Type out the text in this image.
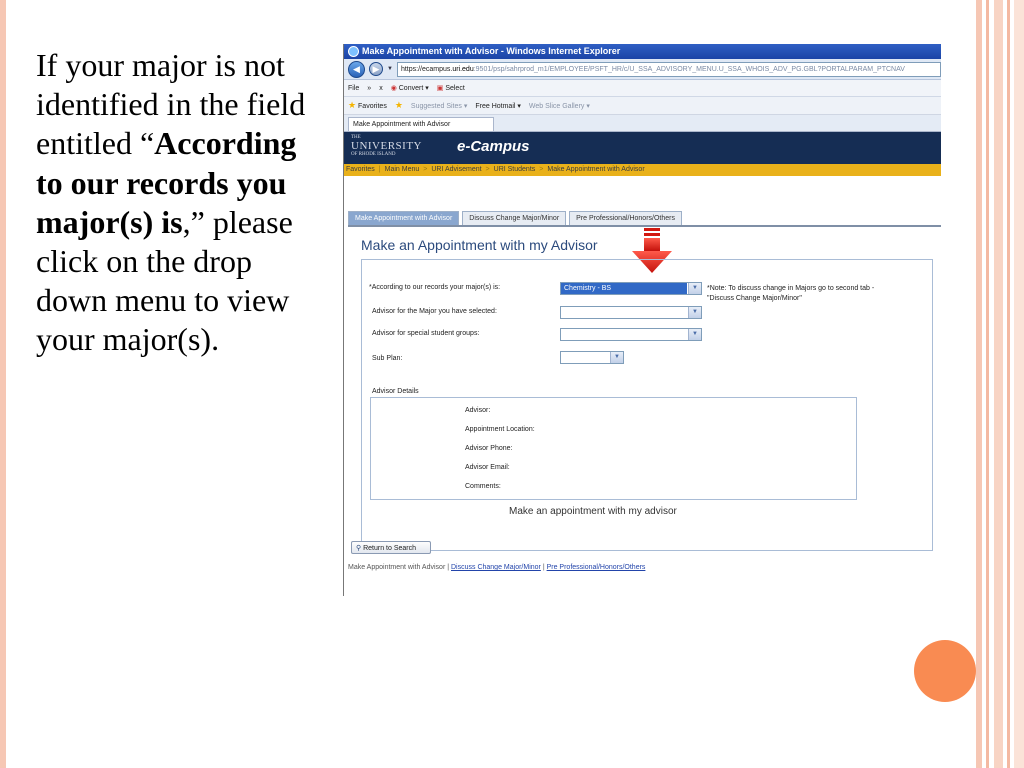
If your major is not identified in the field entitled “According to our records you major(s) is,” please click on the drop down menu to view your major(s).
Make Appointment with Advisor - Windows Internet Explorer
◀	▶	▼	https://ecampus.uri.edu:9501/psp/sahrprod_m1/EMPLOYEE/PSFT_HR/c/U_SSA_ADVISORY_MENU.U_SSA_WHOIS_ADV_PG.GBL?PORTALPARAM_PTCNAV
File » x ◉ Convert ▾ ▣ Select
★ Favorites ★ Suggested Sites ▾ Free Hotmail ▾ Web Slice Gallery ▾
Make Appointment with Advisor
THE
UNIVERSITY
OF RHODE ISLAND	e-Campus
Favorites | Main Menu > URI Advisement > URI Students > Make Appointment with Advisor
Make Appointment with Advisor	Discuss Change Major/Minor	Pre Professional/Honors/Others
Make an Appointment with my Advisor
*According to our records your major(s) is:	Chemistry - BS	▼	*Note: To discuss change in Majors go to second tab - "Discuss Change Major/Minor"
Advisor for the Major you have selected:	▼
Advisor for special student groups:	▼
Sub Plan:	▼
Advisor Details
Advisor:
Appointment Location:
Advisor Phone:
Advisor Email:
Comments:
Make an appointment with my advisor
⚲ Return to Search
Make Appointment with Advisor | Discuss Change Major/Minor | Pre Professional/Honors/Others
